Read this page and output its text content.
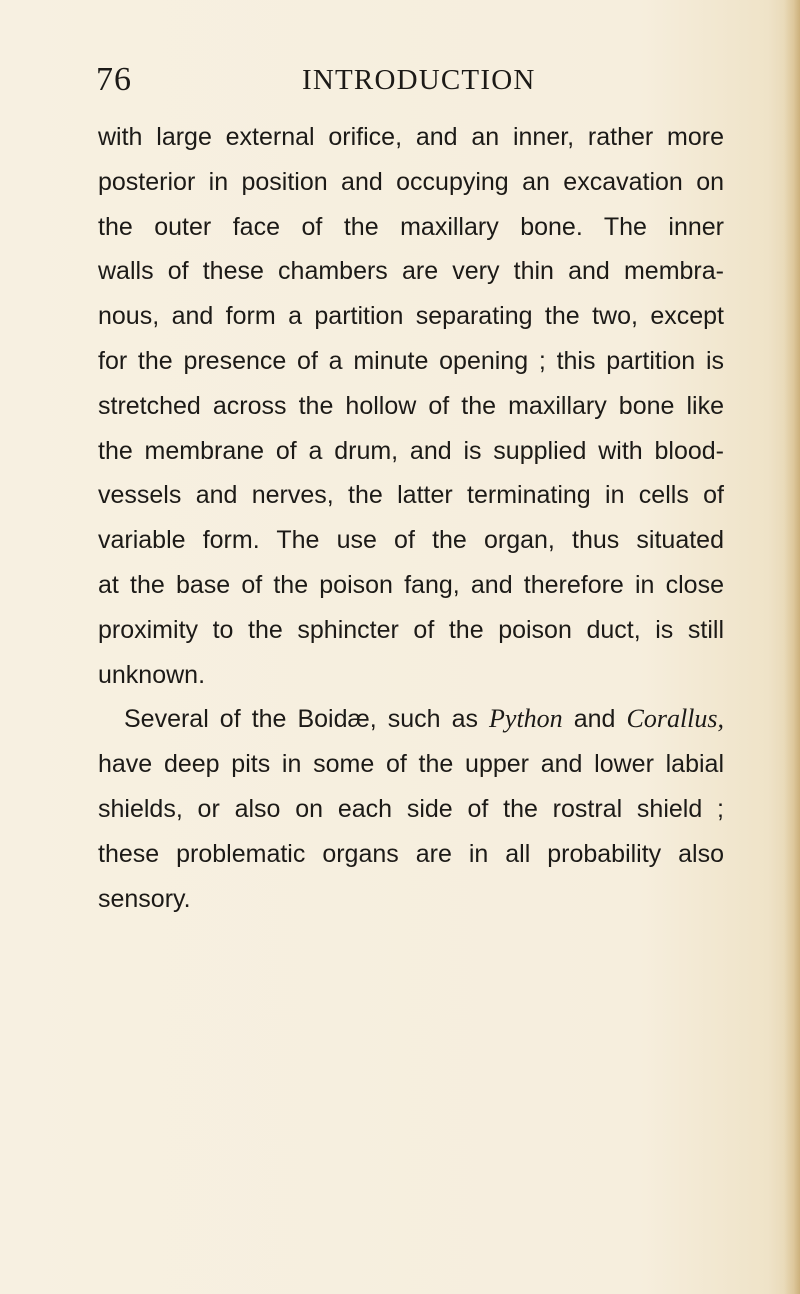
76	INTRODUCTION
with large external orifice, and an inner, rather more
posterior in position and occupying an excavation on
the outer face of the maxillary bone. The inner
walls of these chambers are very thin and membra-
nous, and form a partition separating the two, except
for the presence of a minute opening ; this partition is
stretched across the hollow of the maxillary bone like
the membrane of a drum, and is supplied with blood-
vessels and nerves, the latter terminating in cells of
variable form. The use of the organ, thus situated
at the base of the poison fang, and therefore in close
proximity to the sphincter of the poison duct, is still
unknown.
Several of the Boidæ, such as Python and Corallus,
have deep pits in some of the upper and lower labial
shields, or also on each side of the rostral shield ;
these problematic organs are in all probability also
sensory.
